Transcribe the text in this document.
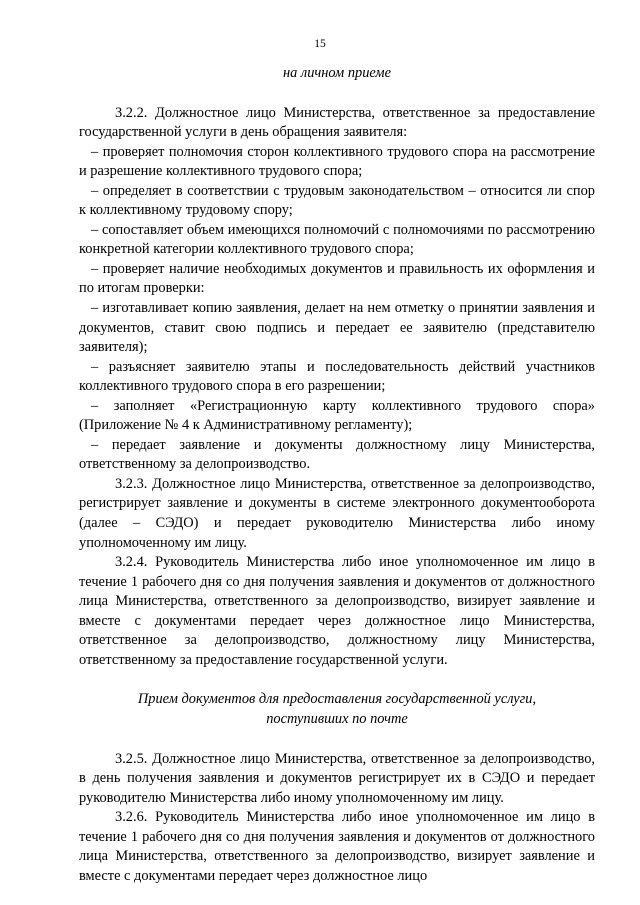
15
на личном приеме

3.2.2. Должностное лицо Министерства, ответственное за предоставление государственной услуги в день обращения заявителя:

– проверяет полномочия сторон коллективного трудового спора на рассмотрение и разрешение коллективного трудового спора;

– определяет в соответствии с трудовым законодательством – относится ли спор к коллективному трудовому спору;

– сопоставляет объем имеющихся полномочий с полномочиями по рассмотрению конкретной категории коллективного трудового спора;

– проверяет наличие необходимых документов и правильность их оформления и по итогам проверки:

– изготавливает копию заявления, делает на нем отметку о принятии заявления и документов, ставит свою подпись и передает ее заявителю (представителю заявителя);

– разъясняет заявителю этапы и последовательность действий участников коллективного трудового спора в его разрешении;

– заполняет «Регистрационную карту коллективного трудового спора» (Приложение № 4 к Административному регламенту);

– передает заявление и документы должностному лицу Министерства, ответственному за делопроизводство.

3.2.3. Должностное лицо Министерства, ответственное за делопроизводство, регистрирует заявление и документы в системе электронного документооборота (далее – СЭДО) и передает руководителю Министерства либо иному уполномоченному им лицу.

3.2.4. Руководитель Министерства либо иное уполномоченное им лицо в течение 1 рабочего дня со дня получения заявления и документов от должностного лица Министерства, ответственного за делопроизводство, визирует заявление и вместе с документами передает через должностное лицо Министерства, ответственное за делопроизводство, должностному лицу Министерства, ответственному за предоставление государственной услуги.

Прием документов для предоставления государственной услуги,
поступивших по почте

3.2.5. Должностное лицо Министерства, ответственное за делопроизводство, в день получения заявления и документов регистрирует их в СЭДО и передает руководителю Министерства либо иному уполномоченному им лицу.

3.2.6. Руководитель Министерства либо иное уполномоченное им лицо в течение 1 рабочего дня со дня получения заявления и документов от должностного лица Министерства, ответственного за делопроизводство, визирует заявление и вместе с документами передает через должностное лицо
